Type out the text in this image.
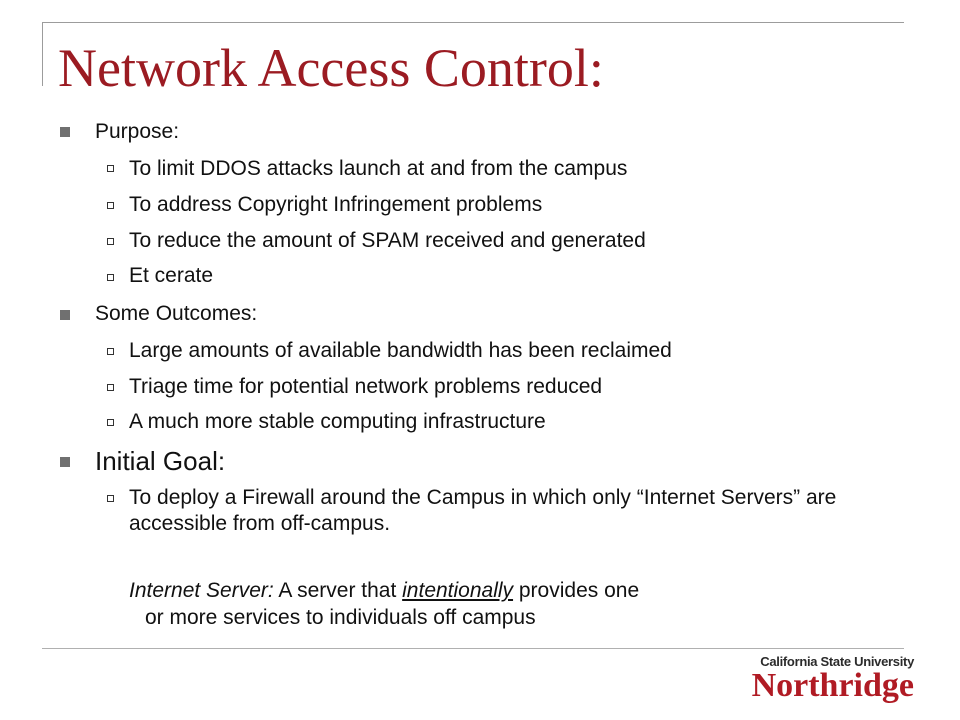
Network Access Control:
Purpose:
To limit DDOS attacks launch at and from the campus
To address Copyright Infringement problems
To reduce the amount of SPAM received and generated
Et cerate
Some Outcomes:
Large amounts of available bandwidth has been reclaimed
Triage time for potential network problems reduced
A much more stable computing infrastructure
Initial Goal:
To deploy a Firewall around the Campus in which only “Internet Servers” are accessible from off-campus.
Internet Server: A server that intentionally provides one
or more services to individuals off campus
California State University
Northridge
